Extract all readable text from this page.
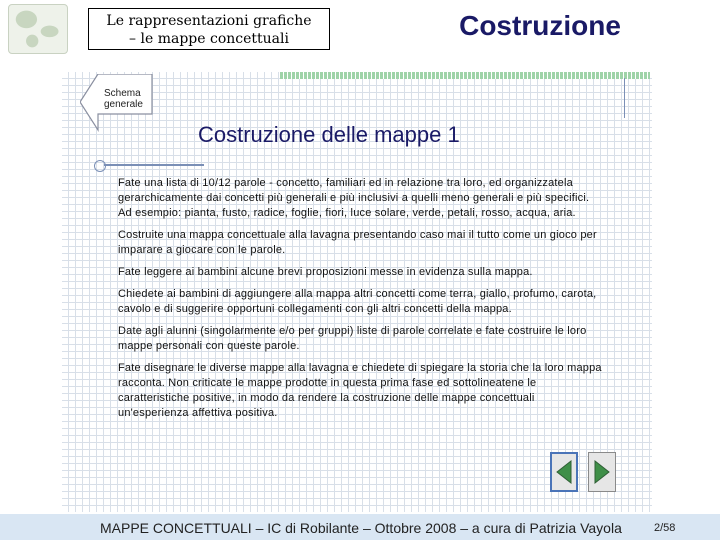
Le rappresentazioni grafiche
– le mappe concettuali	Costruzione
Schema generale
Costruzione delle mappe 1

Fate una lista di 10/12 parole - concetto, familiari ed in relazione tra loro, ed organizzatela gerarchicamente dai concetti più generali e più inclusivi a quelli meno generali e più specifici. Ad esempio: pianta, fusto, radice, foglie, fiori, luce solare, verde, petali, rosso, acqua, aria.

Costruite una mappa concettuale alla lavagna presentando caso mai il tutto come un gioco per imparare a giocare con le parole.

Fate leggere ai bambini alcune brevi proposizioni messe in evidenza sulla mappa.

Chiedete ai bambini di aggiungere alla mappa altri concetti come terra, giallo, profumo, carota, cavolo e di suggerire opportuni collegamenti con gli altri concetti della mappa.

Date agli alunni (singolarmente e/o per gruppi) liste di parole correlate e fate costruire le loro mappe personali con queste parole.

Fate disegnare le diverse mappe alla lavagna e chiedete di spiegare la storia che la loro mappa racconta. Non criticate le mappe prodotte in questa prima fase ed sottolineatene le caratteristiche positive, in modo da rendere la costruzione delle mappe concettuali un'esperienza affettiva positiva.

MAPPE CONCETTUALI – IC di Robilante – Ottobre 2008 – a cura di Patrizia Vayola	2/58
